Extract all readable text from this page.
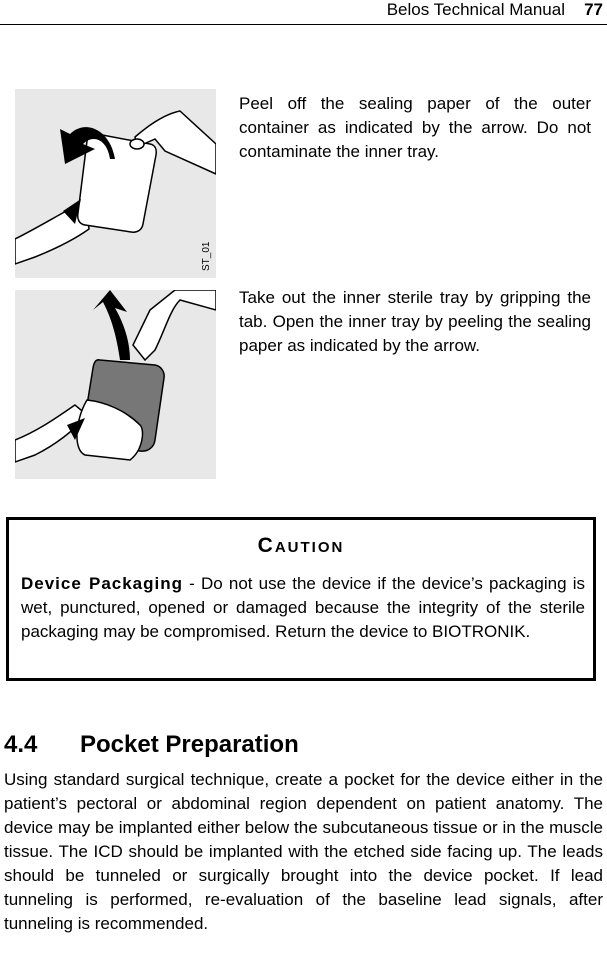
Belos Technical Manual 77
ST_01
Peel off the sealing paper of the outer container as indicated by the arrow. Do not contaminate the inner tray.
Take out the inner sterile tray by gripping the tab. Open the inner tray by peeling the sealing paper as indicated by the arrow.
Caution
Device Packaging - Do not use the device if the device’s packaging is wet, punctured, opened or damaged because the integrity of the sterile packaging may be compromised. Return the device to BIOTRONIK.
4.4 Pocket Preparation
Using standard surgical technique, create a pocket for the device either in the patient’s pectoral or abdominal region dependent on patient anatomy. The device may be implanted either below the subcutaneous tissue or in the muscle tissue. The ICD should be implanted with the etched side facing up. The leads should be tunneled or surgically brought into the device pocket. If lead tunneling is performed, re-evaluation of the baseline lead signals, after tunneling is recommended.
